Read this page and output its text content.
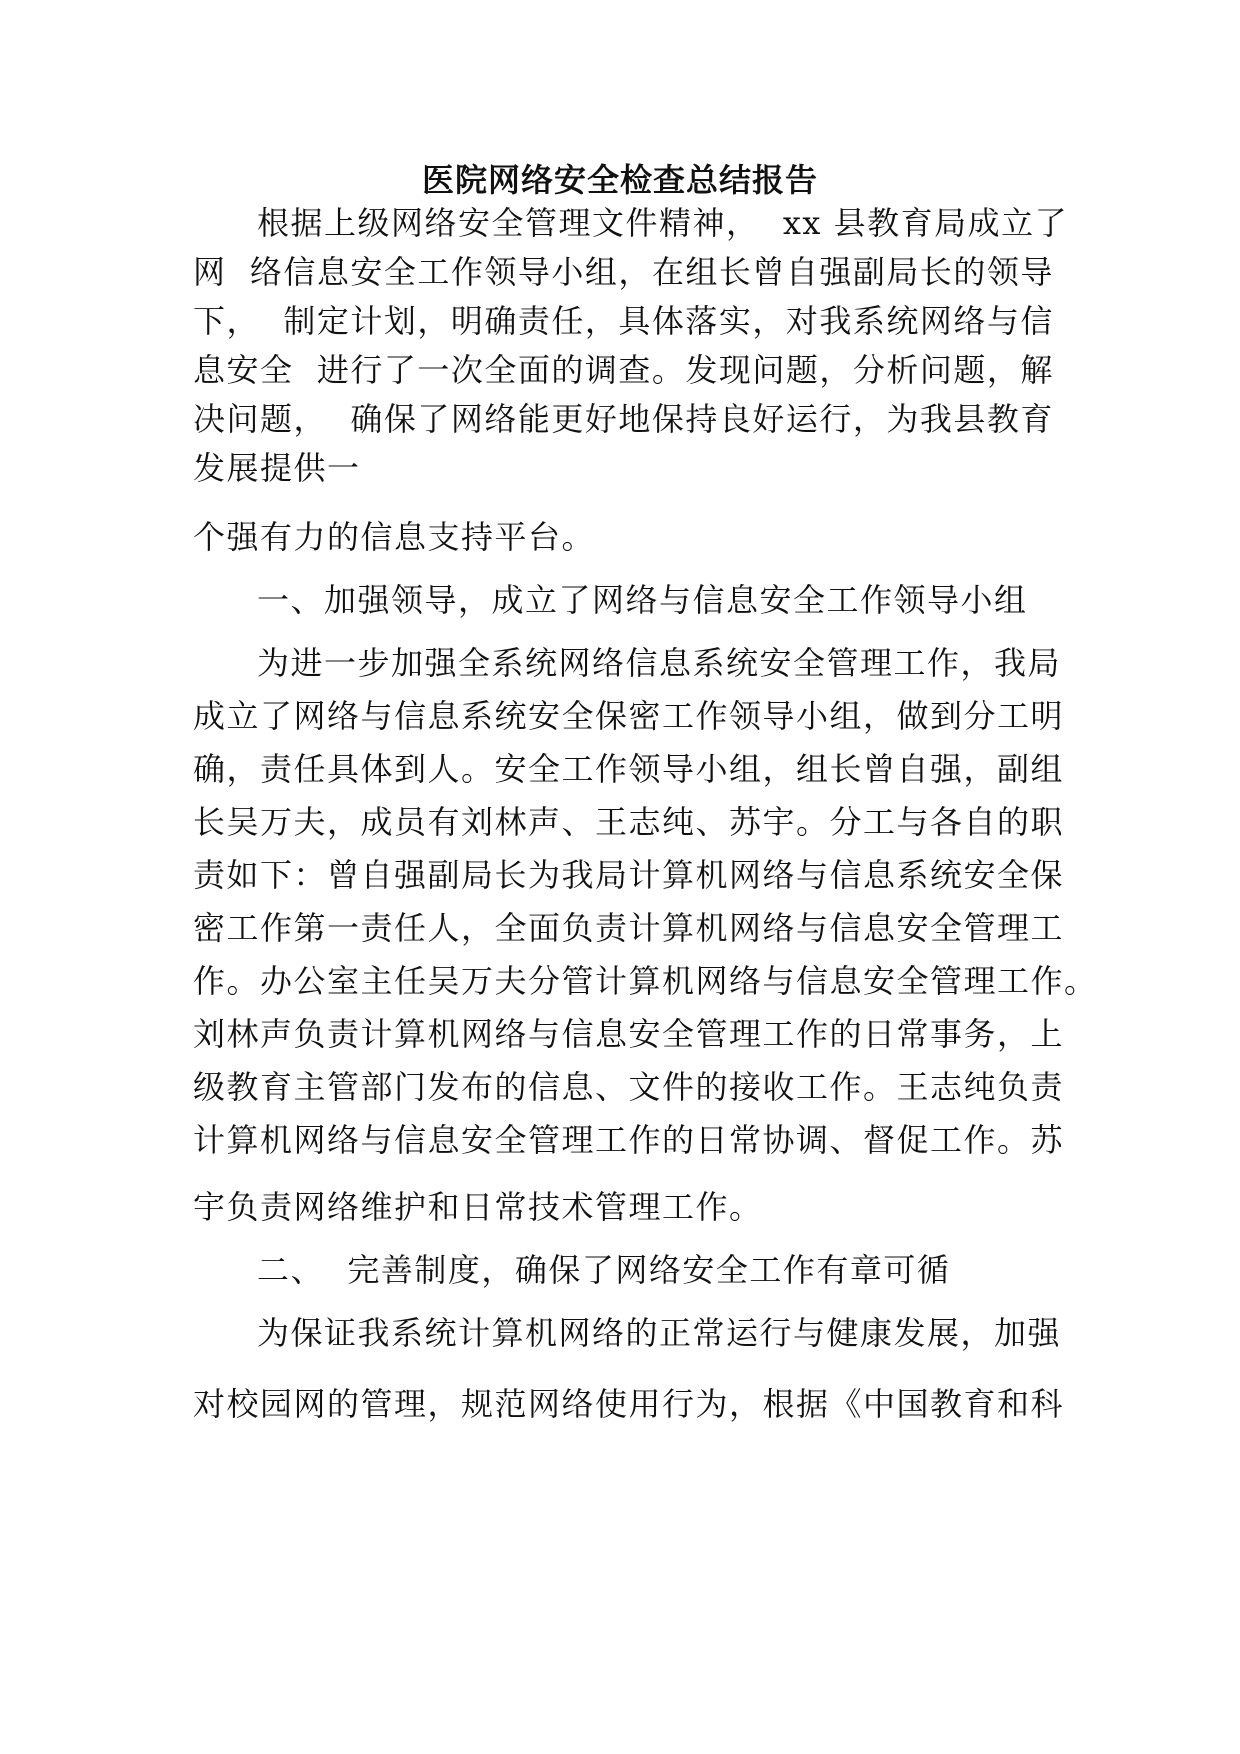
医院网络安全检查总结报告
根据上级网络安全管理文件精神，  xx 县教育局成立了
网  络信息安全工作领导小组，在组长曾自强副局长的领导
下，  制定计划，明确责任，具体落实，对我系统网络与信
息安全  进行了一次全面的调查。发现问题，分析问题，解
决问题，  确保了网络能更好地保持良好运行，为我县教育
发展提供一
个强有力的信息支持平台。
一、加强领导，成立了网络与信息安全工作领导小组
为进一步加强全系统网络信息系统安全管理工作，我局
成立了网络与信息系统安全保密工作领导小组，做到分工明
确，责任具体到人。安全工作领导小组，组长曾自强，副组
长吴万夫，成员有刘林声、王志纯、苏宇。分工与各自的职
责如下：曾自强副局长为我局计算机网络与信息系统安全保
密工作第一责任人，全面负责计算机网络与信息安全管理工
作。办公室主任吴万夫分管计算机网络与信息安全管理工作。
刘林声负责计算机网络与信息安全管理工作的日常事务，上
级教育主管部门发布的信息、文件的接收工作。王志纯负责
计算机网络与信息安全管理工作的日常协调、督促工作。苏
宇负责网络维护和日常技术管理工作。
二、  完善制度，确保了网络安全工作有章可循
为保证我系统计算机网络的正常运行与健康发展，加强
对校园网的管理，规范网络使用行为，根据《中国教育和科
